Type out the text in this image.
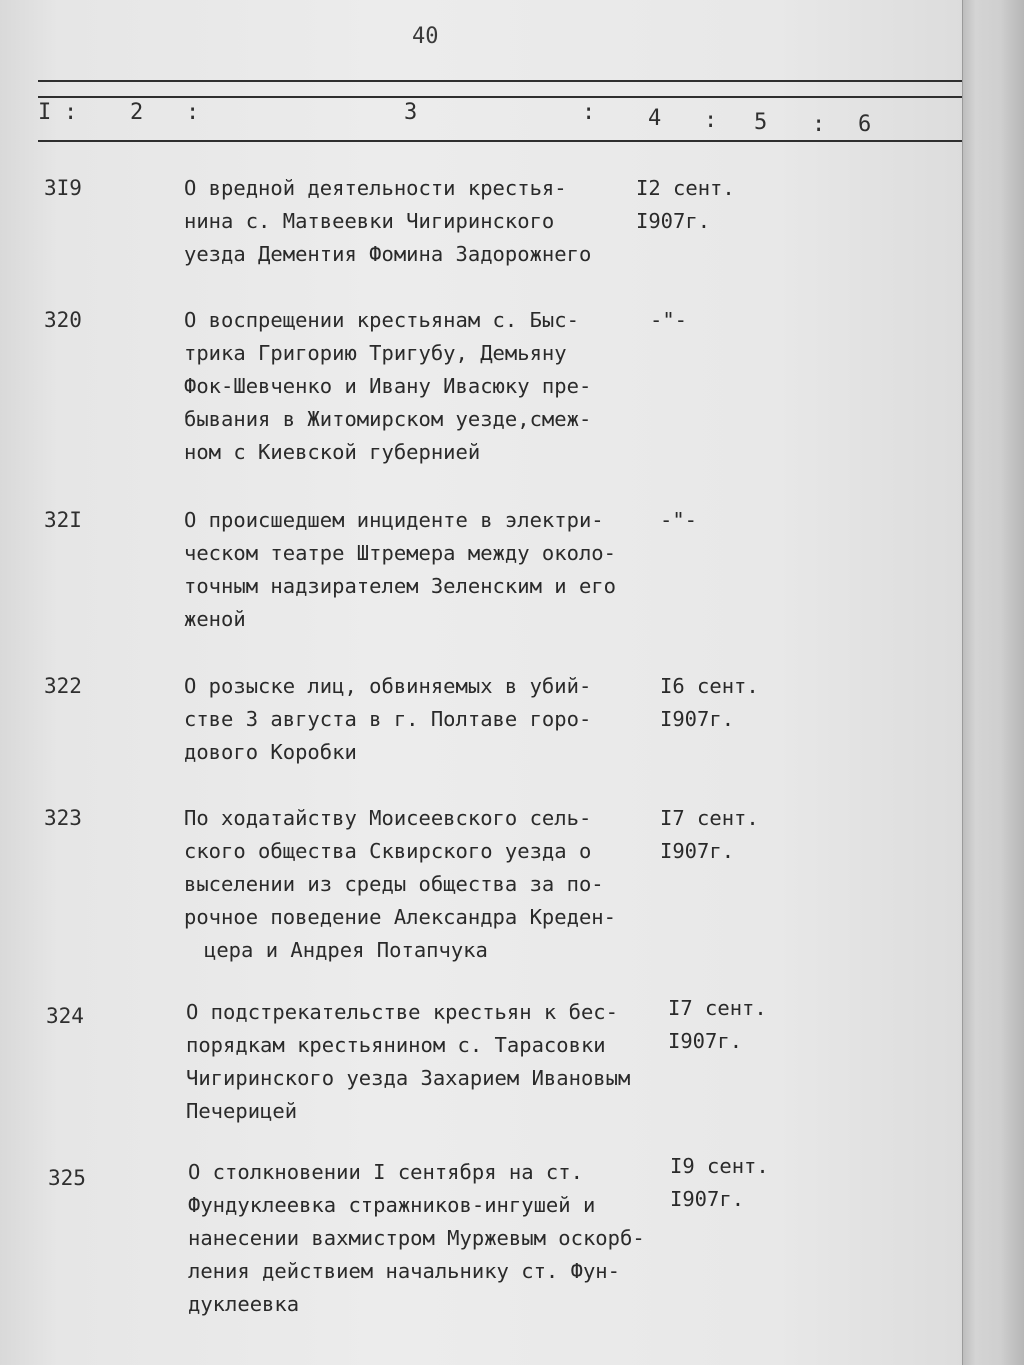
40
I : 2 :	3	: 4 : 5 : 6
3I9	О вредной деятельности крестья-
нина с. Матвеевки Чигиринского
уезда Дементия Фомина Задорожнего
I2 сент.
I907г.
320	О воспрещении крестьянам с. Быс-
трика Григорию Тригубу, Демьяну
Фок-Шевченко и Ивану Ивасюку пре-
бывания в Житомирском уезде,смеж-
ном с Киевской губернией
-"-
32I	О происшедшем инциденте в электри-
ческом театре Штремера между около-
точным надзирателем Зеленским и его
женой
-"-
322	О розыске лиц, обвиняемых в убий-
стве 3 августа в г. Полтаве горо-
дового Коробки
I6 сент.
I907г.
323	По ходатайству Моисеевского сель-
ского общества Сквирского уезда о
выселении из среды общества за по-
рочное поведение Александра Креден-
цера и Андрея Потапчука
I7 сент.
I907г.
324	О подстрекательстве крестьян к бес-
порядкам крестьянином с. Тарасовки
Чигиринского уезда Захарием Ивановым
Печерицей
I7 сент.
I907г.
325	О столкновении I сентября на ст.
Фундуклеевка стражников-ингушей и
нанесении вахмистром Муржевым оскорб-
ления действием начальнику ст. Фун-
дуклеевка
I9 сент.
I907г.
